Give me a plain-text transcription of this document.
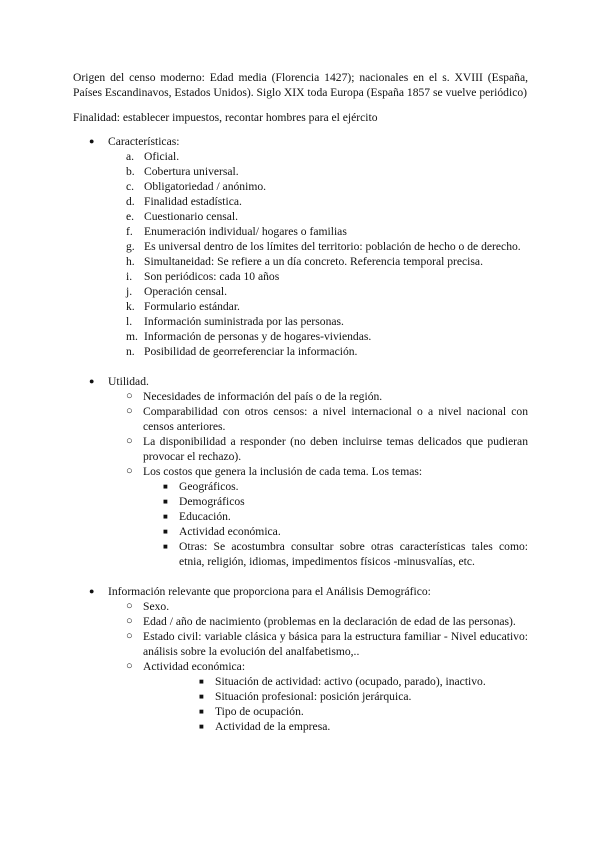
Origen del censo moderno: Edad media (Florencia 1427); nacionales en el s. XVIII (España, Países Escandinavos, Estados Unidos). Siglo XIX toda Europa (España 1857 se vuelve periódico)

Finalidad: establecer impuestos, recontar hombres para el ejército

● Características:
a. Oficial.
b. Cobertura universal.
c. Obligatoriedad / anónimo.
d. Finalidad estadística.
e. Cuestionario censal.
f. Enumeración individual/ hogares o familias
g. Es universal dentro de los límites del territorio: población de hecho o de derecho.
h. Simultaneidad: Se refiere a un día concreto. Referencia temporal precisa.
i. Son periódicos: cada 10 años
j. Operación censal.
k. Formulario estándar.
l. Información suministrada por las personas.
m. Información de personas y de hogares-viviendas.
n. Posibilidad de georreferenciar la información.
● Utilidad.
○ Necesidades de información del país o de la región.
○ Comparabilidad con otros censos: a nivel internacional o a nivel nacional con censos anteriores.
○ La disponibilidad a responder (no deben incluirse temas delicados que pudieran provocar el rechazo).
○ Los costos que genera la inclusión de cada tema. Los temas:
■ Geográficos.
■ Demográficos
■ Educación.
■ Actividad económica.
■ Otras: Se acostumbra consultar sobre otras características tales como: etnia, religión, idiomas, impedimentos físicos -minusvalías, etc.
● Información relevante que proporciona para el Análisis Demográfico:
○ Sexo.
○ Edad / año de nacimiento (problemas en la declaración de edad de las personas).
○ Estado civil: variable clásica y básica para la estructura familiar - Nivel educativo: análisis sobre la evolución del analfabetismo,..
○ Actividad económica:
■ Situación de actividad: activo (ocupado, parado), inactivo.
■ Situación profesional: posición jerárquica.
■ Tipo de ocupación.
■ Actividad de la empresa.
